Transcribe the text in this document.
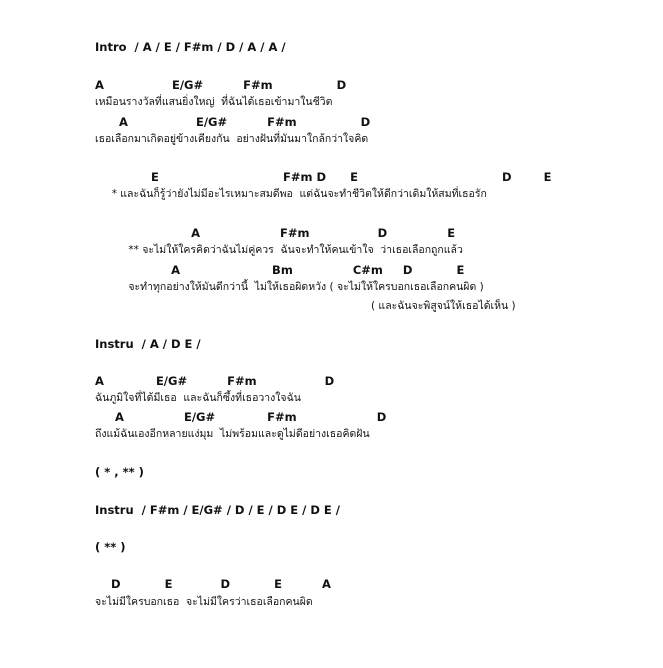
Intro  / A / E / F#m / D / A / A /
A                 E/G#          F#m                D
เหมือนรางวัลที่แสนยิ่งใหญ่  ที่ฉันได้เธอเข้ามาในชีวิต
A                 E/G#          F#m                D
เธอเลือกมาเกิดอยู่ข้างเคียงกัน  อย่างฝันที่มันมาใกล้กว่าใจคิด
E                               F#m D      E                                    D        E
* และฉันก็รู้ว่ายังไม่มีอะไรเหมาะสมดีพอ  แต่ฉันจะทำชีวิตให้ดีกว่าเดิมให้สมที่เธอรัก
A                    F#m                 D               E
** จะไม่ให้ใครคิดว่าฉันไม่คู่ควร  ฉันจะทำให้คนเข้าใจ  ว่าเธอเลือกถูกแล้ว
A                       Bm               C#m     D           E
จะทำทุกอย่างให้มันดีกว่านี้  ไม่ให้เธอผิดหวัง ( จะไม่ให้ใครบอกเธอเลือกคนผิด )
( และฉันจะพิสูจน์ให้เธอได้เห็น )
Instru  / A / D E /
A             E/G#          F#m                 D
ฉันภูมิใจที่ได้มีเธอ  และฉันก็ซึ้งที่เธอวางใจฉัน
A               E/G#             F#m                    D
ถึงแม้ฉันเองอีกหลายแง่มุม  ไม่พร้อมและดูไม่ดีอย่างเธอคิดฝัน
( * , ** )
Instru  / F#m / E/G# / D / E / D E / D E /
( ** )
D           E            D           E          A
จะไม่มีใครบอกเธอ  จะไม่มีใครว่าเธอเลือกคนผิด
